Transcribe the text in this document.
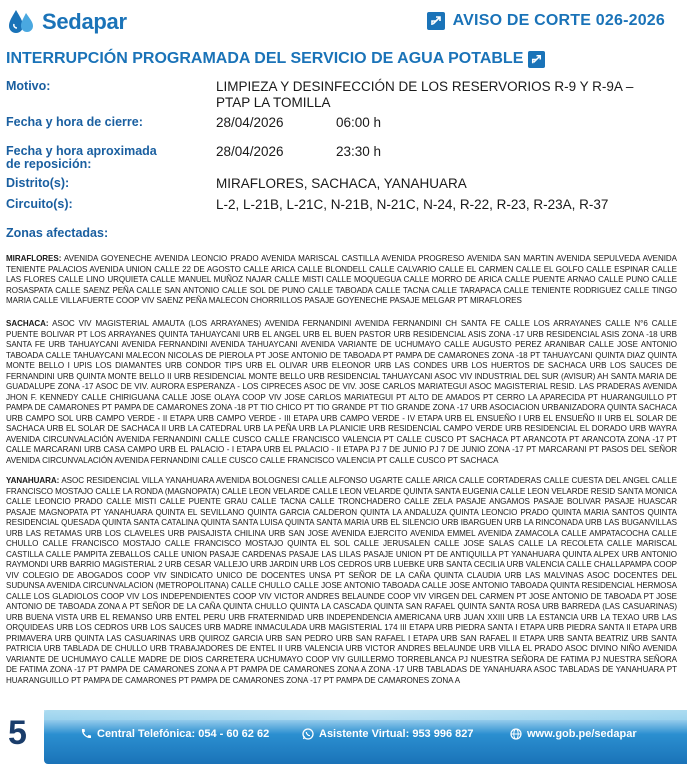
Sedapar	AVISO DE CORTE 026-2026
INTERRUPCIÓN PROGRAMADA DEL SERVICIO DE AGUA POTABLE
Motivo:	LIMPIEZA Y DESINFECCIÓN DE LOS RESERVORIOS R-9 Y R-9A –
PTAP LA TOMILLA
Fecha y hora de cierre:	28/04/2026	06:00 h
Fecha y hora aproximada
de reposición:
28/04/2026	23:30 h
Distrito(s):	MIRAFLORES, SACHACA, YANAHUARA
Circuito(s):	L-2, L-21B, L-21C, N-21B, N-21C, N-24, R-22, R-23, R-23A, R-37
Zonas afectadas:
MIRAFLORES: AVENIDA GOYENECHE AVENIDA LEONCIO PRADO AVENIDA MARISCAL CASTILLA AVENIDA PROGRESO AVENIDA SAN MARTIN AVENIDA SEPULVEDA AVENIDA TENIENTE PALACIOS AVENIDA UNION CALLE 22 DE AGOSTO CALLE ARICA CALLE BLONDELL CALLE CALVARIO CALLE EL CARMEN CALLE EL GOLFO CALLE ESPINAR CALLE LAS FLORES CALLE LINO URQUIETA CALLE MANUEL MUÑOZ NAJAR CALLE MISTI CALLE MOQUEGUA CALLE MORRO DE ARICA CALLE PUENTE ARNAO CALLE PUNO CALLE ROSASPATA CALLE SAENZ PEÑA CALLE SAN ANTONIO CALLE SOL DE PUNO CALLE TABOADA CALLE TACNA CALLE TARAPACA CALLE TENIENTE RODRIGUEZ CALLE TINGO MARIA CALLE VILLAFUERTE COOP VIV SAENZ PEÑA MALECON CHORRILLOS PASAJE GOYENECHE PASAJE MELGAR PT MIRAFLORES
SACHACA: ASOC VIV MAGISTERIAL AMAUTA (LOS ARRAYANES) AVENIDA FERNANDINI AVENIDA FERNANDINI CH SANTA FE CALLE LOS ARRAYANES CALLE N°6 CALLE PUENTE BOLIVAR PT LOS ARRAYANES QUINTA TAHUAYCANI URB EL ANGEL URB EL BUEN PASTOR URB RESIDENCIAL ASIS ZONA -17 URB RESIDENCIAL ASIS ZONA -18 URB SANTA FE URB TAHUAYCANI AVENIDA FERNANDINI AVENIDA TAHUAYCANI AVENIDA VARIANTE DE UCHUMAYO CALLE AUGUSTO PEREZ ARANIBAR CALLE JOSE ANTONIO TABOADA CALLE TAHUAYCANI MALECON NICOLAS DE PIEROLA PT JOSE ANTONIO DE TABOADA PT PAMPA DE CAMARONES ZONA -18 PT TAHUAYCANI QUINTA DIAZ QUINTA MONTE BELLO I UPIS LOS DIAMANTES URB CONDOR TIPS URB EL OLIVAR URB ELEONOR URB LAS CONDES URB LOS HUERTOS DE SACHACA URB LOS SAUCES DE FERNANDINI URB QUINTA MONTE BELLO II URB RESIDENCIAL MONTE BELLO URB RESIDENCIAL TAHUAYCANI ASOC VIV INDUSTRIAL DEL SUR (AVISUR) AH SANTA MARIA DE GUADALUPE ZONA -17 ASOC DE VIV. AURORA ESPERANZA - LOS CIPRECES ASOC DE VIV. JOSE CARLOS MARIATEGUI ASOC MAGISTERIAL RESID. LAS PRADERAS AVENIDA JHON F. KENNEDY CALLE CHIRIGUANA CALLE JOSE OLAYA COOP VIV JOSE CARLOS MARIATEGUI PT ALTO DE AMADOS PT CERRO LA APARECIDA PT HUARANGUILLO PT PAMPA DE CAMARONES PT PAMPA DE CAMARONES ZONA -18 PT TIO CHICO PT TIO GRANDE PT TIO GRANDE ZONA -17 URB ASOCIACION URBANIZADORA QUINTA SACHACA URB CAMPO SOL URB CAMPO VERDE - II ETAPA URB CAMPO VERDE - III ETAPA URB CAMPO VERDE - IV ETAPA URB EL ENSUEÑO I URB EL ENSUEÑO II URB EL SOLAR DE SACHACA URB EL SOLAR DE SACHACA II URB LA CATEDRAL URB LA PEÑA URB LA PLANICIE URB RESIDENCIAL CAMPO VERDE URB RESIDENCIAL EL DORADO URB WAYRA AVENIDA CIRCUNVALACIÓN AVENIDA FERNANDINI CALLE CUSCO CALLE FRANCISCO VALENCIA PT CALLE CUSCO PT SACHACA PT ARANCOTA PT ARANCOTA ZONA -17 PT CALLE MARCARANI URB CASA CAMPO URB EL PALACIO - I ETAPA URB EL PALACIO - II ETAPA PJ 7 DE JUNIO PJ 7 DE JUNIO ZONA -17 PT MARCARANI PT PASOS DEL SEÑOR AVENIDA CIRCUNVALACIÓN AVENIDA FERNANDINI CALLE CUSCO CALLE FRANCISCO VALENCIA PT CALLE CUSCO PT SACHACA
YANAHUARA: ASOC RESIDENCIAL VILLA YANAHUARA AVENIDA BOLOGNESI CALLE ALFONSO UGARTE CALLE ARICA CALLE CORTADERAS CALLE CUESTA DEL ANGEL CALLE FRANCISCO MOSTAJO CALLE LA RONDA (MAGNOPATA) CALLE LEON VELARDE CALLE LEON VELARDE QUINTA SANTA EUGENIA CALLE LEON VELARDE RESID SANTA MONICA CALLE LEONCIO PRADO CALLE MISTI CALLE PUENTE GRAU CALLE TACNA CALLE TRONCHADERO CALLE ZELA PASAJE ANGAMOS PASAJE BOLIVAR PASAJE HUASCAR PASAJE MAGNOPATA PT YANAHUARA QUINTA EL SEVILLANO QUINTA GARCIA CALDERON QUINTA LA ANDALUZA QUINTA LEONCIO PRADO QUINTA MARIA SANTOS QUINTA RESIDENCIAL QUESADA QUINTA SANTA CATALINA QUINTA SANTA LUISA QUINTA SANTA MARIA URB EL SILENCIO URB IBARGUEN URB LA RINCONADA URB LAS BUGANVILLAS URB LAS RETAMAS URB LOS CLAVELES URB PAISAJISTA CHILINA URB SAN JOSE AVENIDA EJERCITO AVENIDA EMMEL AVENIDA ZAMACOLA CALLE AMPATACOCHA CALLE CHULLO CALLE FRANCISCO MOSTAJO CALLE FRANCISCO MOSTAJO QUINTA EL SOL CALLE JERUSALEN CALLE JOSE SALAS CALLE LA RECOLETA CALLE MARISCAL CASTILLA CALLE PAMPITA ZEBALLOS CALLE UNION PASAJE CARDENAS PASAJE LAS LILAS PASAJE UNION PT DE ANTIQUILLA PT YANAHUARA QUINTA ALPEX URB ANTONIO RAYMONDI URB BARRIO MAGISTERIAL 2 URB CESAR VALLEJO URB JARDIN URB LOS CEDROS URB LUEBKE URB SANTA CECILIA URB VALENCIA CALLE CHALLAPAMPA COOP VIV COLEGIO DE ABOGADOS COOP VIV SINDICATO UNICO DE DOCENTES UNSA PT SEÑOR DE LA CAÑA QUINTA CLAUDIA URB LAS MALVINAS ASOC DOCENTES DEL SUDUNSA AVENIDA CIRCUNVALACION (METROPOLITANA) CALLE CHULLO CALLE JOSE ANTONIO TABOADA CALLE JOSE ANTONIO TABOADA QUINTA RESIDENCIAL HERMOSA CALLE LOS GLADIOLOS COOP VIV LOS INDEPENDIENTES COOP VIV VICTOR ANDRES BELAUNDE COOP VIV VIRGEN DEL CARMEN PT JOSE ANTONIO DE TABOADA PT JOSE ANTONIO DE TABOADA ZONA A PT SEÑOR DE LA CAÑA QUINTA CHULLO QUINTA LA CASCADA QUINTA SAN RAFAEL QUINTA SANTA ROSA URB BARREDA (LAS CASUARINAS) URB BUENA VISTA URB EL REMANSO URB ENTEL PERU URB FRATERNIDAD URB INDEPENDENCIA AMERICANA URB JUAN XXIII URB LA ESTANCIA URB LA TEXAO URB LAS ORQUIDEAS URB LOS CEDROS URB LOS SAUCES URB MADRE INMACULADA URB MAGISTERIAL 174 III ETAPA URB PIEDRA SANTA I ETAPA URB PIEDRA SANTA II ETAPA URB PRIMAVERA URB QUINTA LAS CASUARINAS URB QUIROZ GARCIA URB SAN PEDRO URB SAN RAFAEL I ETAPA URB SAN RAFAEL II ETAPA URB SANTA BEATRIZ URB SANTA PATRICIA URB TABLADA DE CHULLO URB TRABAJADORES DE ENTEL II URB VALENCIA URB VICTOR ANDRES BELAUNDE URB VILLA EL PRADO ASOC DIVINO NIÑO AVENIDA VARIANTE DE UCHUMAYO CALLE MADRE DE DIOS CARRETERA UCHUMAYO COOP VIV GUILLERMO TORREBLANCA PJ NUESTRA SEÑORA DE FATIMA PJ NUESTRA SEÑORA DE FATIMA ZONA -17 PT PAMPA DE CAMARONES ZONA A PT PAMPA DE CAMARONES ZONA A ZONA -17 URB TABLADAS DE YANAHUARA ASOC TABLADAS DE YANAHUARA PT HUARANGUILLO PT PAMPA DE CAMARONES PT PAMPA DE CAMARONES ZONA -17 PT PAMPA DE CAMARONES ZONA A
5	Central Telefónica: 054 - 60 62 62	Asistente Virtual: 953 996 827	www.gob.pe/sedapar
